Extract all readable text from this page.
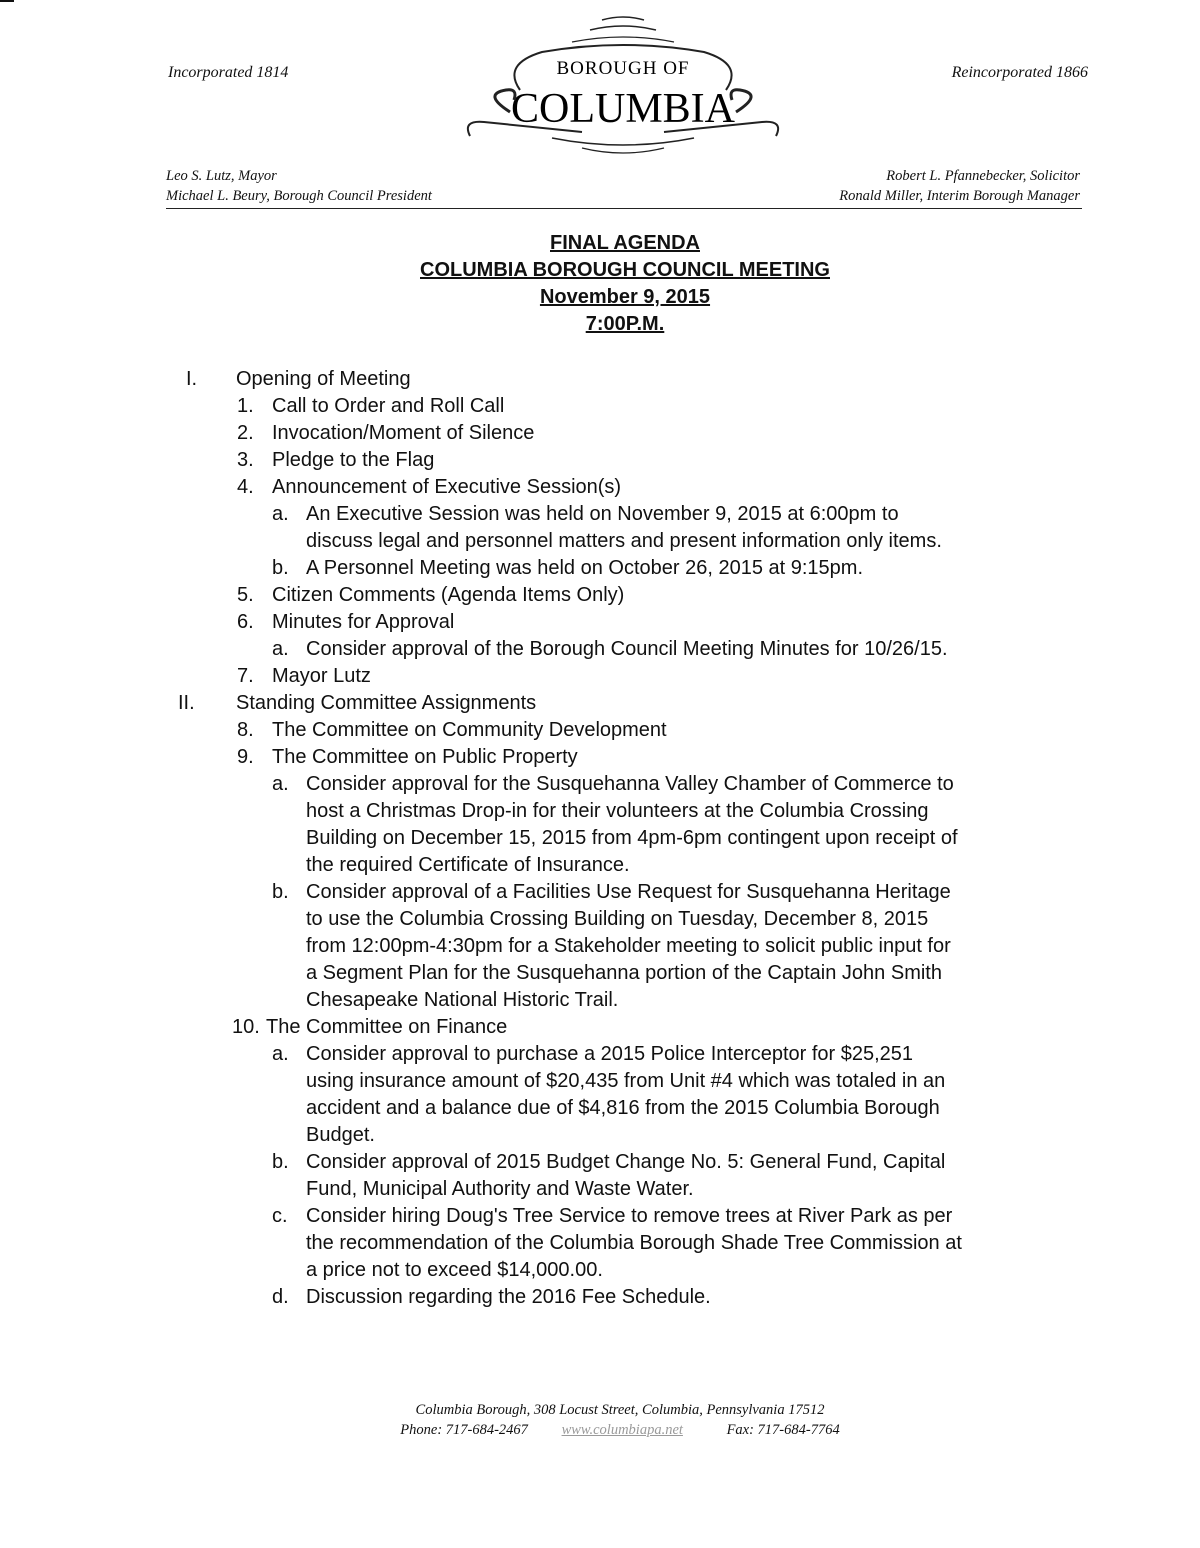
Incorporated 1814	Reincorporated 1866
BOROUGH OF
COLUMBIA
Leo S. Lutz, Mayor
Michael L. Beury, Borough Council President
Robert L. Pfannebecker, Solicitor
Ronald Miller, Interim Borough Manager
FINAL AGENDA
COLUMBIA BOROUGH COUNCIL MEETING
November 9, 2015
7:00P.M.
I. Opening of Meeting
1. Call to Order and Roll Call
2. Invocation/Moment of Silence
3. Pledge to the Flag
4. Announcement of Executive Session(s)
a. An Executive Session was held on November 9, 2015 at 6:00pm to
discuss legal and personnel matters and present information only items.
b. A Personnel Meeting was held on October 26, 2015 at 9:15pm.
5. Citizen Comments (Agenda Items Only)
6. Minutes for Approval
a. Consider approval of the Borough Council Meeting Minutes for 10/26/15.
7. Mayor Lutz
II. Standing Committee Assignments
8. The Committee on Community Development
9. The Committee on Public Property
a. Consider approval for the Susquehanna Valley Chamber of Commerce to
host a Christmas Drop-in for their volunteers at the Columbia Crossing
Building on December 15, 2015 from 4pm-6pm contingent upon receipt of
the required Certificate of Insurance.
b. Consider approval of a Facilities Use Request for Susquehanna Heritage
to use the Columbia Crossing Building on Tuesday, December 8, 2015
from 12:00pm-4:30pm for a Stakeholder meeting to solicit public input for
a Segment Plan for the Susquehanna portion of the Captain John Smith
Chesapeake National Historic Trail.
10. The Committee on Finance
a. Consider approval to purchase a 2015 Police Interceptor for $25,251
using insurance amount of $20,435 from Unit #4 which was totaled in an
accident and a balance due of $4,816 from the 2015 Columbia Borough
Budget.
b. Consider approval of 2015 Budget Change No. 5: General Fund, Capital
Fund, Municipal Authority and Waste Water.
c. Consider hiring Doug's Tree Service to remove trees at River Park as per
the recommendation of the Columbia Borough Shade Tree Commission at
a price not to exceed $14,000.00.
d. Discussion regarding the 2016 Fee Schedule.
Columbia Borough, 308 Locust Street, Columbia, Pennsylvania 17512
Phone: 717-684-2467 www.columbiapa.net	Fax: 717-684-7764
